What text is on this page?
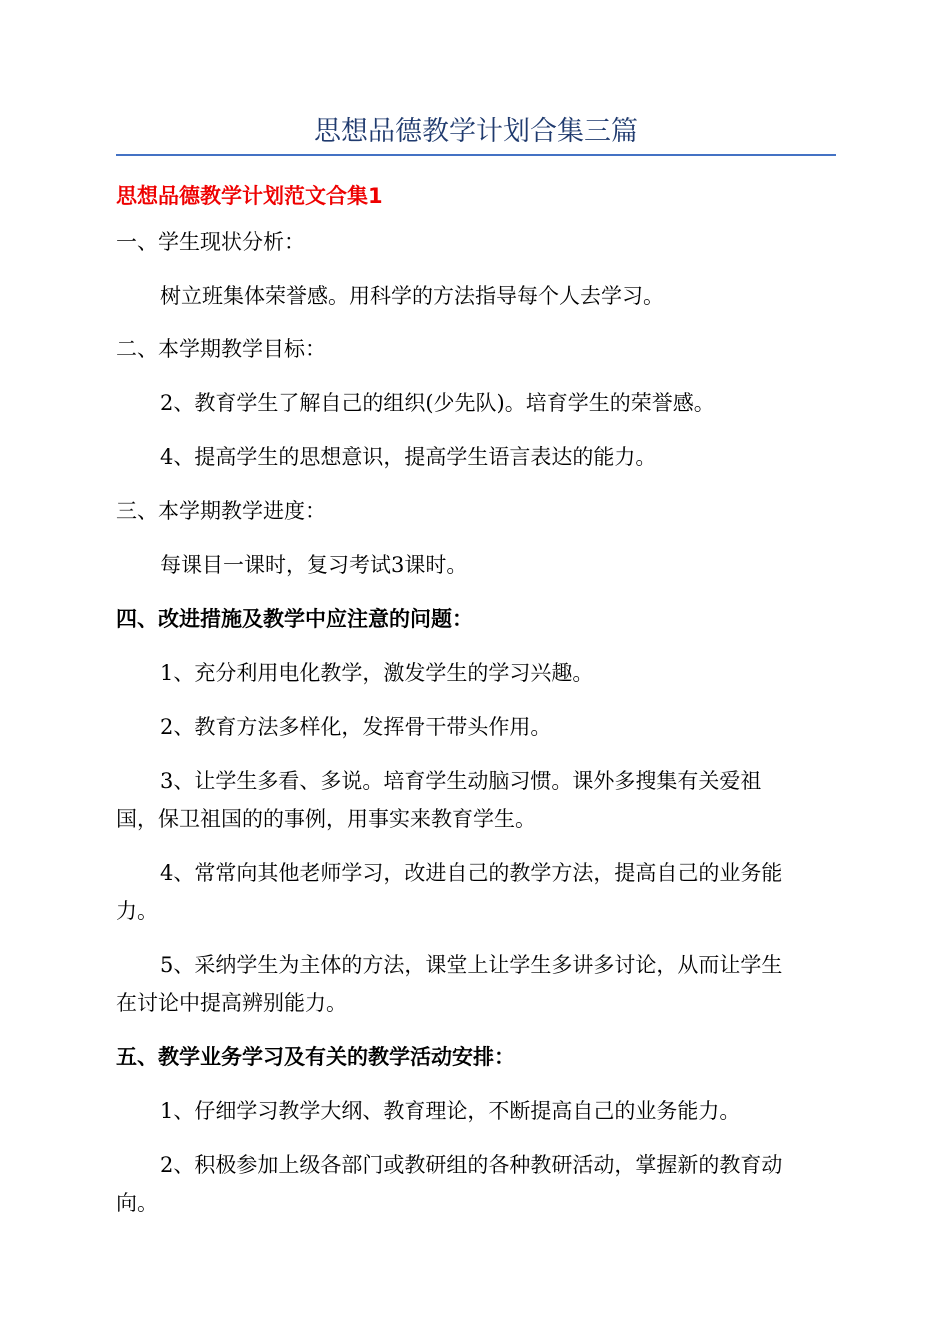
思想品德教学计划合集三篇
思想品德教学计划范文合集1
一、学生现状分析：
树立班集体荣誉感。用科学的方法指导每个人去学习。
二、本学期教学目标：
2、教育学生了解自己的组织(少先队)。培育学生的荣誉感。
4、提高学生的思想意识，提高学生语言表达的能力。
三、本学期教学进度：
每课目一课时，复习考试3课时。
四、改进措施及教学中应注意的问题：
1、充分利用电化教学，激发学生的学习兴趣。
2、教育方法多样化，发挥骨干带头作用。
3、让学生多看、多说。培育学生动脑习惯。课外多搜集有关爱祖
国，保卫祖国的的事例，用事实来教育学生。
4、常常向其他老师学习，改进自己的教学方法，提高自己的业务能
力。
5、采纳学生为主体的方法，课堂上让学生多讲多讨论，从而让学生
在讨论中提高辨别能力。
五、教学业务学习及有关的教学活动安排：
1、仔细学习教学大纲、教育理论，不断提高自己的业务能力。
2、积极参加上级各部门或教研组的各种教研活动，掌握新的教育动
向。
